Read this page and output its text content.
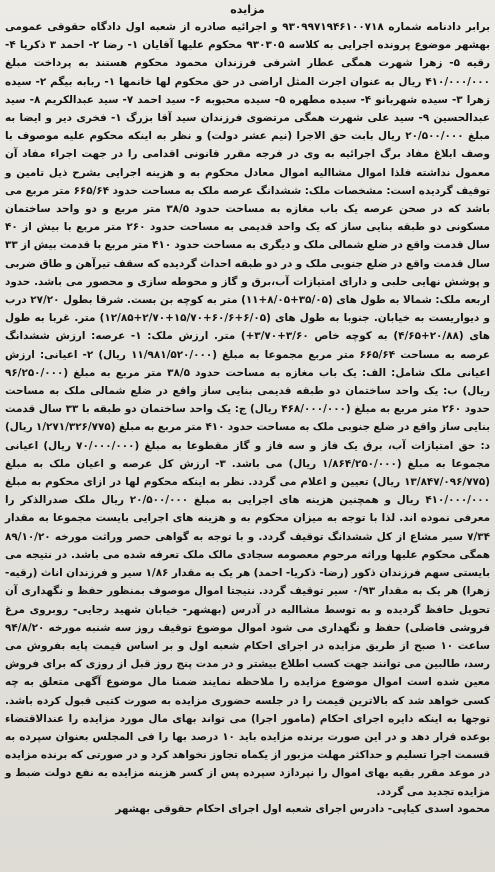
مزایده

برابر دادنامه شماره ۹۳۰۹۹۷۱۹۴۶۱۰۰۷۱۸ و اجرائیه صادره از شعبه اول دادگاه حقوقی عمومی بهشهر موضوع پرونده اجرایی به کلاسه ۹۳۰۳۰۵ محکوم علیها آقایان ۱- رضا ۲- احمد ۳ ذکریا ۴- رقیه ۵- زهرا شهرت همگی عطار اشرفی فرزندان محمود محکوم هستند به پرداخت مبلغ ۴۱۰/۰۰۰/۰۰۰ ریال به عنوان اجرت المثل اراضی در حق محکوم لها خانمها ۱- ربابه بیگم ۲- سیده زهرا ۳- سیده شهربانو ۴- سیده مطهره ۵- سیده محبوبه ۶- سید احمد ۷- سید عبدالکریم ۸- سید عبدالحسین ۹- سید علی شهرت همگی مرتضوی فرزندان سید آقا بزرگ ۱- فخری دیر و ایضا به مبلغ ۲۰/۵۰۰/۰۰۰ ریال بابت حق الاجرا (نیم عشر دولت) و نظر به اینکه محکوم علیه موصوف با وصف ابلاغ مفاد برگ اجرائیه به وی در فرجه مقرر قانونی اقدامی را در جهت اجراء مفاد آن معمول نداشته فلذا اموال مشاالیه اموال معادل محکوم به و هزینه اجرایی بشرح ذیل تامین و توقیف گردیده است: مشخصات ملک: ششدانگ عرصه ملک به مساحت حدود ۶۶۵/۶۴ متر مربع می باشد که در صحن عرصه یک باب مغازه به مساحت حدود ۳۸/۵ متر مربع و دو واحد ساختمان مسکونی دو طبقه بنایی ساز که یک واحد قدیمی به مساحت حدود ۲۶۰ متر مربع با بیش از ۴۰ سال قدمت واقع در ضلع شمالی ملک و دیگری به مساحت حدود ۴۱۰ متر مربع با قدمت بیش از ۳۳ سال قدمت واقع در ضلع جنوبی ملک و در دو طبقه احداث گردیده که سقف تیرآهن و طاق ضربی و پوشش نهایی حلبی و دارای امتیازات آب،برق و گاز و محوطه سازی و محصور می باشد. حدود اربعه ملک: شمالا به طول های (۳۵/۰۵+۸/۰۵+۱۱) متر به کوچه بن بست. شرقا بطول ۲۷/۲۰ درب و دیواریست به خیابان. جنوبا به طول های (۶/۰۵+۶۰/۶+۱۵/۷۰+۲/۷۰+۱۲/۸۵) متر. غربا به طول های (۲۰/۸۸+۴/۶۵) به کوچه خاص ۳/۶۰+۳/۷۰+) متر. ارزش ملک: ۱- عرصه: ارزش ششدانگ عرصه به مساحت ۶۶۵/۶۴ متر مربع مجموعا به مبلغ (۱۱/۹۸۱/۵۲۰/۰۰۰ ریال) ۲- اعیانی: ارزش اعیانی ملک شامل: الف: یک باب مغازه به مساحت حدود ۳۸/۵ متر مربع به مبلغ (۹۶/۲۵۰/۰۰۰ ریال) ب: یک واحد ساختمان دو طبقه قدیمی بنایی ساز واقع در ضلع شمالی ملک به مساحت حدود ۲۶۰ متر مربع به مبلغ (۴۶۸/۰۰۰/۰۰۰ ریال) ج: یک واحد ساختمان دو طبقه با ۳۳ سال قدمت بنایی ساز واقع در ضلع جنوبی ملک به مساحت حدود ۴۱۰ متر مربع به مبلغ (۱/۲۷۱/۳۲۶/۷۷۵ ریال) د: حق امتیازات آب، برق یک فاز و سه فاز و گاز مقطوعا به مبلغ (۷۰/۰۰۰/۰۰۰ ریال) اعیانی مجموعا به مبلغ (۱/۸۶۴/۲۵۰/۰۰۰ ریال) می باشد. ۳- ارزش کل عرصه و اعیان ملک به مبلغ (۱۳/۸۴۷/۰۹۶/۷۷۵ ریال) تعیین و اعلام می گردد. نظر به اینکه محکوم لها در ازای محکوم به مبلغ ۴۱۰/۰۰۰/۰۰۰ ریال و همچنین هزینه های اجرایی به مبلغ ۲۰/۵۰۰/۰۰۰ ریال ملک صدرالذکر را معرفی نموده اند. لذا با توجه به میزان محکوم به و هزینه های اجرایی بایست مجموعا به مقدار ۷/۳۴ سیر مشاع از کل ششدانگ توقیف گردد. و با توجه به گواهی حصر وراثت مورخه ۸۹/۱۰/۲۰ همگی محکوم علیها وراثه مرحوم معصومه سجادی مالک ملک تعرفه شده می باشد. در نتیجه می بایستی سهم فرزندان ذکور (رضا- ذکریا- احمد) هر یک به مقدار ۱/۸۶ سیر و فرزندان اناث (رقیه- زهرا) هر یک به مقدار ۰/۹۳ سیر توقیف گردد. نتیجتا اموال موصوف بمنظور حفظ و نگهداری آن تحویل حافظ گردیده و به توسط مشاالیه در آدرس (بهشهر- خیابان شهید رجایی- روبروی مرغ فروشی فاضلی) حفظ و نگهداری می شود اموال موضوع توقیف روز سه شنبه مورخه ۹۴/۸/۲۰ ساعت ۱۰ صبح از طریق مزایده در اجرای احکام شعبه اول و بر اساس قیمت پایه بفروش می رسد، طالبین می توانند جهت کسب اطلاع بیشتر و در مدت پنج روز قبل از روزی که برای فروش معین شده است اموال موضوع مزایده را ملاحظه نمایند ضمنا مال موضوع آگهی متعلق به چه کسی خواهد شد که بالاترین قیمت را در جلسه حضوری مزایده به صورت کتبی قبول کرده باشد. توجها به اینکه دایره اجرای احکام (مامور اجرا) می تواند بهای مال مورد مزایده را عندالاقتضاء بوعده قرار دهد و در این صورت برنده مزایده باید ۱۰ درصد بها را فی المجلس بعنوان سپرده به قسمت اجرا تسلیم و حداکثر مهلت مزبور از یکماه تجاوز نخواهد کرد و در صورتی که برنده مزایده در موعد مقرر بقیه بهای اموال را نپردازد سپرده پس از کسر هزینه مزایده به نفع دولت ضبط و مزایده تجدید می گردد.

محمود اسدی کیاپی- دادرس اجرای شعبه اول اجرای احکام حقوقی بهشهر
